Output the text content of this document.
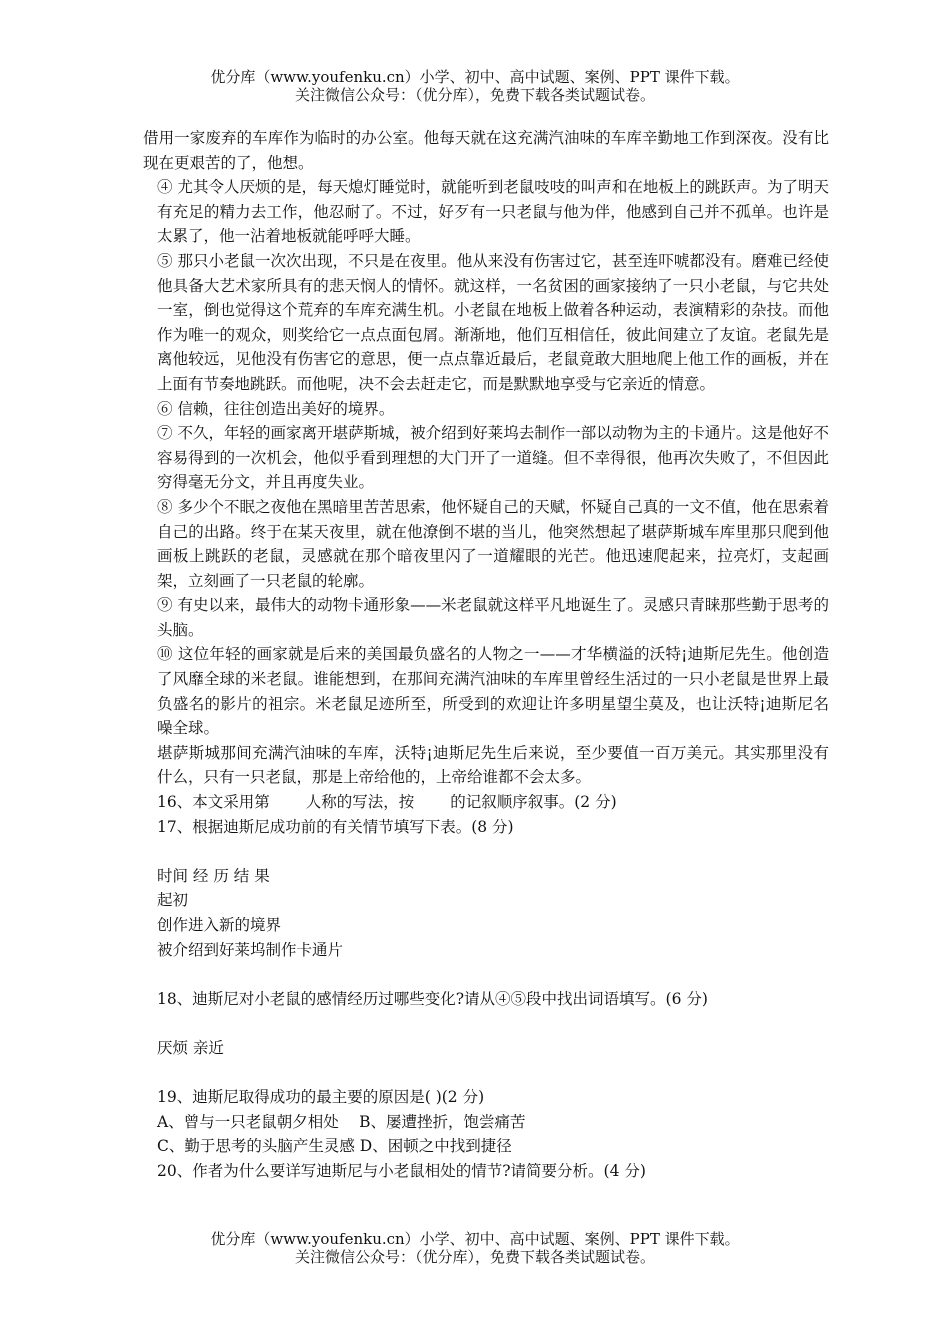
优分库（www.youfenku.cn）小学、初中、高中试题、案例、PPT 课件下载。
关注微信公众号：（优分库），免费下载各类试题试卷。

借用一家废弃的车库作为临时的办公室。他每天就在这充满汽油味的车库辛勤地工作到深夜。没有比现在更艰苦的了，他想。

④ 尤其令人厌烦的是，每天熄灯睡觉时，就能听到老鼠吱吱的叫声和在地板上的跳跃声。为了明天有充足的精力去工作，他忍耐了。不过，好歹有一只老鼠与他为伴，他感到自己并不孤单。也许是太累了，他一沾着地板就能呼呼大睡。

⑤ 那只小老鼠一次次出现，不只是在夜里。他从来没有伤害过它，甚至连吓唬都没有。磨难已经使他具备大艺术家所具有的悲天悯人的情怀。就这样，一名贫困的画家接纳了一只小老鼠，与它共处一室，倒也觉得这个荒弃的车库充满生机。小老鼠在地板上做着各种运动，表演精彩的杂技。而他作为唯一的观众，则奖给它一点点面包屑。渐渐地，他们互相信任，彼此间建立了友谊。老鼠先是离他较远，见他没有伤害它的意思，便一点点靠近最后，老鼠竟敢大胆地爬上他工作的画板，并在上面有节奏地跳跃。而他呢，决不会去赶走它，而是默默地享受与它亲近的情意。

⑥ 信赖，往往创造出美好的境界。

⑦ 不久，年轻的画家离开堪萨斯城，被介绍到好莱坞去制作一部以动物为主的卡通片。这是他好不容易得到的一次机会，他似乎看到理想的大门开了一道缝。但不幸得很，他再次失败了，不但因此穷得毫无分文，并且再度失业。

⑧ 多少个不眠之夜他在黑暗里苦苦思索，他怀疑自己的天赋，怀疑自己真的一文不值，他在思索着自己的出路。终于在某天夜里，就在他潦倒不堪的当儿，他突然想起了堪萨斯城车库里那只爬到他画板上跳跃的老鼠，灵感就在那个暗夜里闪了一道耀眼的光芒。他迅速爬起来，拉亮灯，支起画架，立刻画了一只老鼠的轮廓。

⑨ 有史以来，最伟大的动物卡通形象——米老鼠就这样平凡地诞生了。灵感只青睐那些勤于思考的头脑。

⑩ 这位年轻的画家就是后来的美国最负盛名的人物之一——才华横溢的沃特¡迪斯尼先生。他创造了风靡全球的米老鼠。谁能想到，在那间充满汽油味的车库里曾经生活过的一只小老鼠是世界上最负盛名的影片的祖宗。米老鼠足迹所至，所受到的欢迎让许多明星望尘莫及，也让沃特¡迪斯尼名噪全球。

堪萨斯城那间充满汽油味的车库，沃特¡迪斯尼先生后来说，至少要值一百万美元。其实那里没有什么，只有一只老鼠，那是上帝给他的，上帝给谁都不会太多。

16、本文采用第 人称的写法，按 的记叙顺序叙事。(2 分)

17、根据迪斯尼成功前的有关情节填写下表。(8 分)

时间 经 历 结 果

起初

创作进入新的境界

被介绍到好莱坞制作卡通片

18、迪斯尼对小老鼠的感情经历过哪些变化?请从④⑤段中找出词语填写。(6 分)

厌烦 亲近

19、迪斯尼取得成功的最主要的原因是( )(2 分)

A、曾与一只老鼠朝夕相处　 B、屡遭挫折，饱尝痛苦

C、勤于思考的头脑产生灵感 D、困顿之中找到捷径

20、作者为什么要详写迪斯尼与小老鼠相处的情节?请简要分析。(4 分)

优分库（www.youfenku.cn）小学、初中、高中试题、案例、PPT 课件下载。
关注微信公众号：（优分库），免费下载各类试题试卷。
